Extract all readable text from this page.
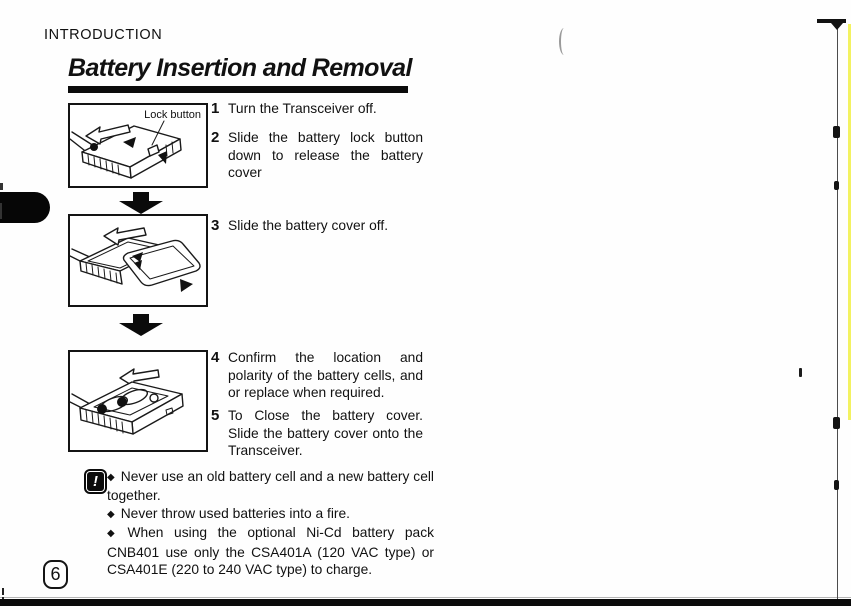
INTRODUCTION
Battery Insertion and Removal
Lock button 1 Turn the Transceiver off.
2 Slide the battery lock button down to release the battery cover
3 Slide the battery cover off.
4 Confirm the location and polarity of the battery cells, and or replace when required.
5 To Close the battery cover. Slide the battery cover onto the Transceiver.
! ◆ Never use an old battery cell and a new battery cell together.
◆ Never throw used batteries into a fire.
◆ When using the optional Ni-Cd battery pack CNB401 use only the CSA401A (120 VAC type) or CSA401E (220 to 240 VAC type) to charge.
6
